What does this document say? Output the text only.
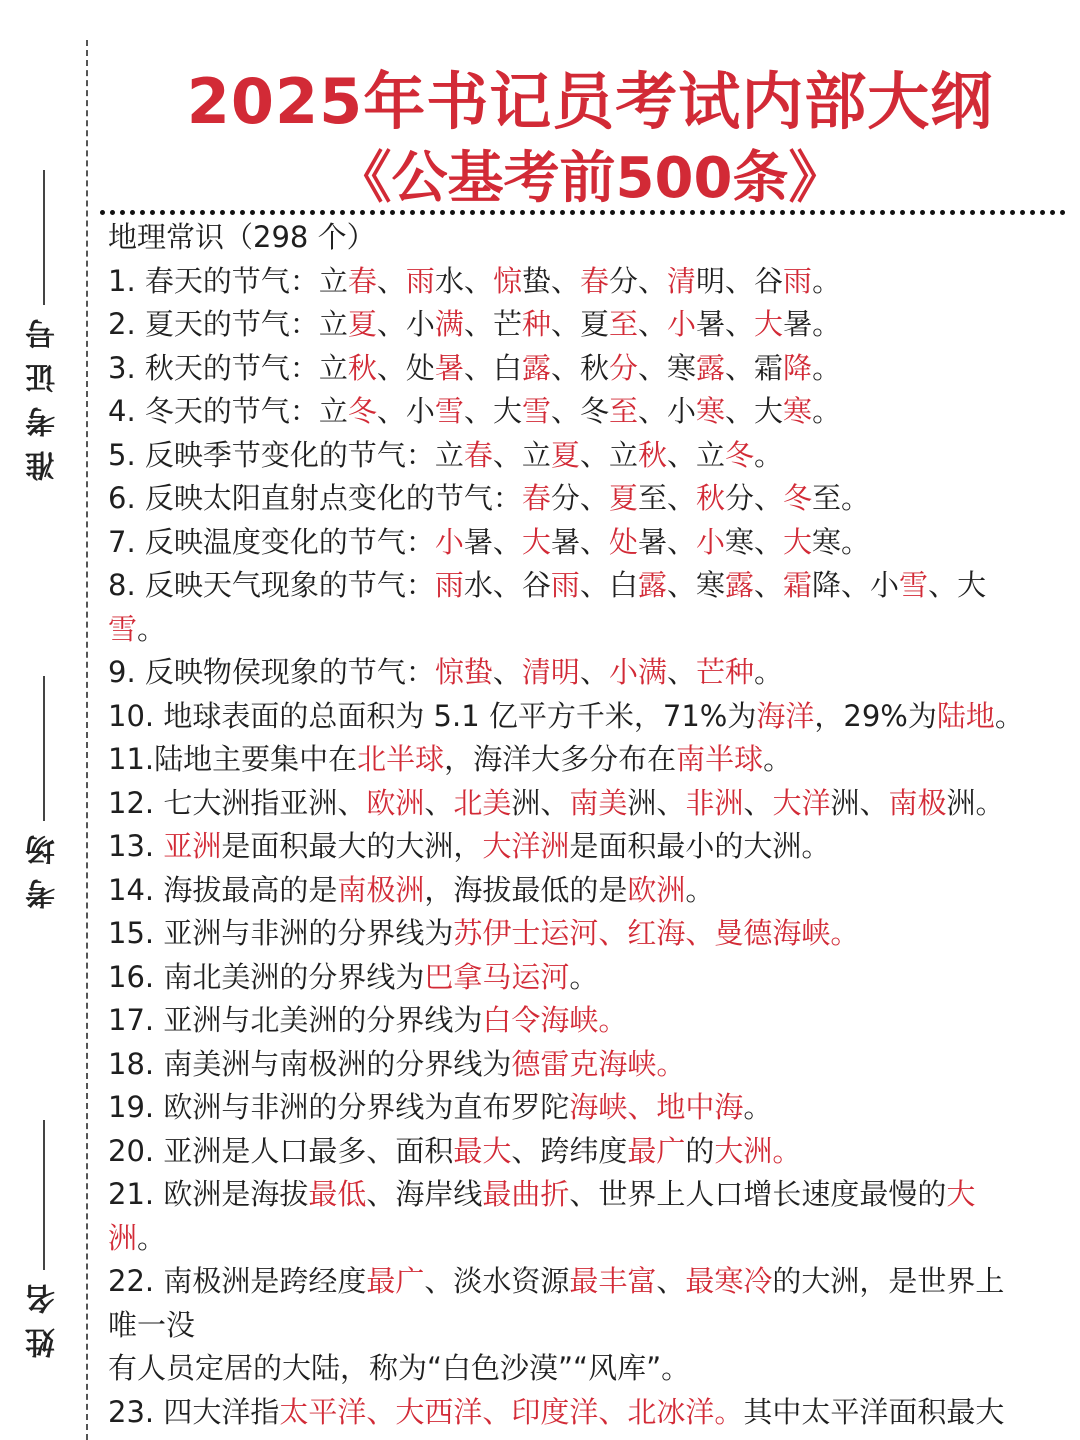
准考证号
考场
姓名
2025年书记员考试内部大纲
《公基考前500条》
地理常识（298 个）
1. 春天的节气：立春、雨水、惊蛰、春分、清明、谷雨。
2. 夏天的节气：立夏、小满、芒种、夏至、小暑、大暑。
3. 秋天的节气：立秋、处暑、白露、秋分、寒露、霜降。
4. 冬天的节气：立冬、小雪、大雪、冬至、小寒、大寒。
5. 反映季节变化的节气：立春、立夏、立秋、立冬。
6. 反映太阳直射点变化的节气：春分、夏至、秋分、冬至。
7. 反映温度变化的节气：小暑、大暑、处暑、小寒、大寒。
8. 反映天气现象的节气：雨水、谷雨、白露、寒露、霜降、小雪、大
雪。
9. 反映物侯现象的节气：惊蛰、清明、小满、芒种。
10. 地球表面的总面积为 5.1 亿平方千米，71%为海洋，29%为陆地。
11.陆地主要集中在北半球，海洋大多分布在南半球。
12. 七大洲指亚洲、欧洲、北美洲、南美洲、非洲、大洋洲、南极洲。
13. 亚洲是面积最大的大洲，大洋洲是面积最小的大洲。
14. 海拔最高的是南极洲，海拔最低的是欧洲。
15. 亚洲与非洲的分界线为苏伊士运河、红海、曼德海峡。
16. 南北美洲的分界线为巴拿马运河。
17. 亚洲与北美洲的分界线为白令海峡。
18. 南美洲与南极洲的分界线为德雷克海峡。
19. 欧洲与非洲的分界线为直布罗陀海峡、地中海。
20. 亚洲是人口最多、面积最大、跨纬度最广的大洲。
21. 欧洲是海拔最低、海岸线最曲折、世界上人口增长速度最慢的大
洲。
22. 南极洲是跨经度最广、淡水资源最丰富、最寒冷的大洲，是世界上
唯一没
有人员定居的大陆，称为“白色沙漠”“风库”。
23. 四大洋指太平洋、大西洋、印度洋、北冰洋。其中太平洋面积最大
